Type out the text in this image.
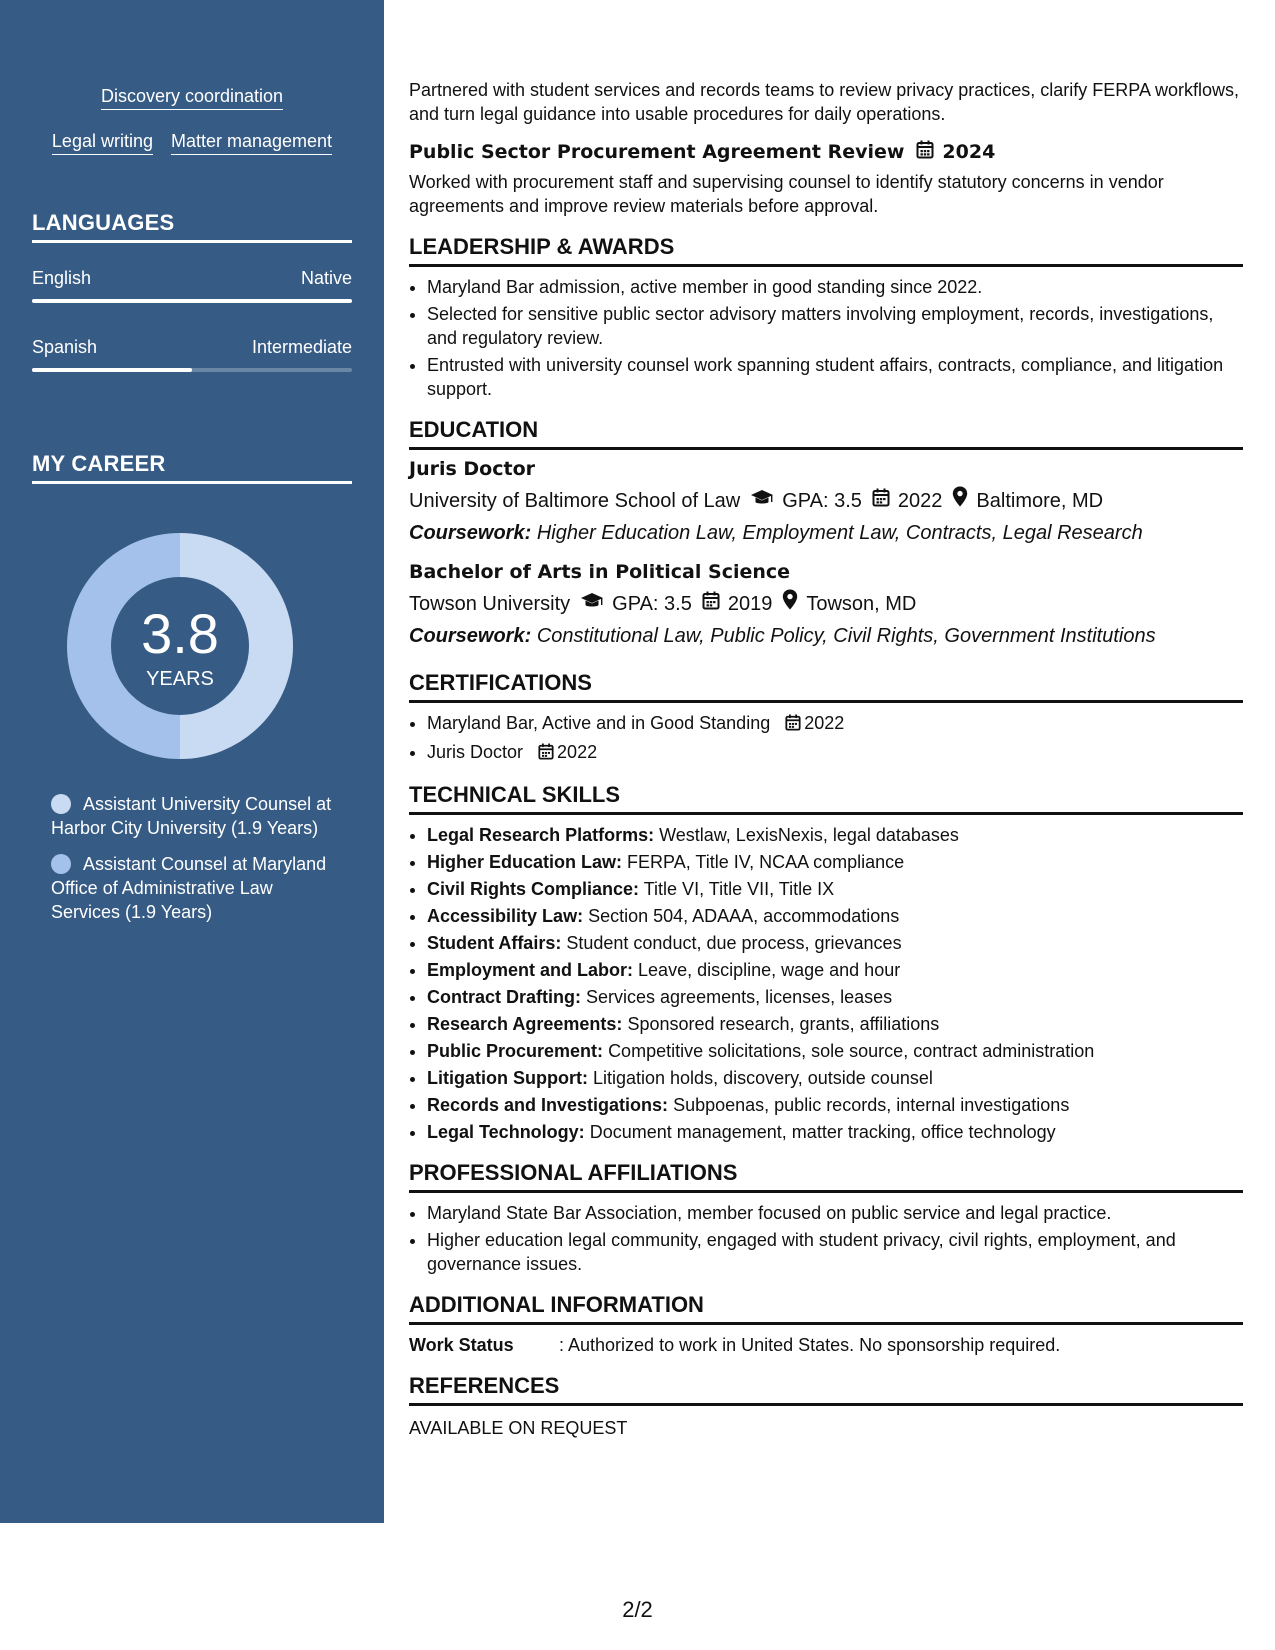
Discovery coordination
Legal writing Matter management
LANGUAGES
English	Native
Spanish	Intermediate
MY CAREER
3.8
YEARS
Assistant University Counsel at Harbor City University (1.9 Years)
Assistant Counsel at Maryland Office of Administrative Law Services (1.9 Years)

Partnered with student services and records teams to review privacy practices, clarify FERPA workflows, and turn legal guidance into usable procedures for daily operations.

Public Sector Procurement Agreement Review 2024

Worked with procurement staff and supervising counsel to identify statutory concerns in vendor agreements and improve review materials before approval.

LEADERSHIP & AWARDS
• Maryland Bar admission, active member in good standing since 2022.
• Selected for sensitive public sector advisory matters involving employment, records, investigations, and regulatory review.
• Entrusted with university counsel work spanning student affairs, contracts, compliance, and litigation support.
EDUCATION
Juris Doctor
University of Baltimore School of Law GPA: 3.5 2022 Baltimore, MD
Coursework: Higher Education Law, Employment Law, Contracts, Legal Research
Bachelor of Arts in Political Science
Towson University GPA: 3.5 2019 Towson, MD
Coursework: Constitutional Law, Public Policy, Civil Rights, Government Institutions
CERTIFICATIONS
• Maryland Bar, Active and in Good Standing 2022
• Juris Doctor 2022
TECHNICAL SKILLS
• Legal Research Platforms: Westlaw, LexisNexis, legal databases
• Higher Education Law: FERPA, Title IV, NCAA compliance
• Civil Rights Compliance: Title VI, Title VII, Title IX
• Accessibility Law: Section 504, ADAAA, accommodations
• Student Affairs: Student conduct, due process, grievances
• Employment and Labor: Leave, discipline, wage and hour
• Contract Drafting: Services agreements, licenses, leases
• Research Agreements: Sponsored research, grants, affiliations
• Public Procurement: Competitive solicitations, sole source, contract administration
• Litigation Support: Litigation holds, discovery, outside counsel
• Records and Investigations: Subpoenas, public records, internal investigations
• Legal Technology: Document management, matter tracking, office technology
PROFESSIONAL AFFILIATIONS
• Maryland State Bar Association, member focused on public service and legal practice.
• Higher education legal community, engaged with student privacy, civil rights, employment, and governance issues.
ADDITIONAL INFORMATION
Work Status	: Authorized to work in United States. No sponsorship required.
REFERENCES
AVAILABLE ON REQUEST
2/2
